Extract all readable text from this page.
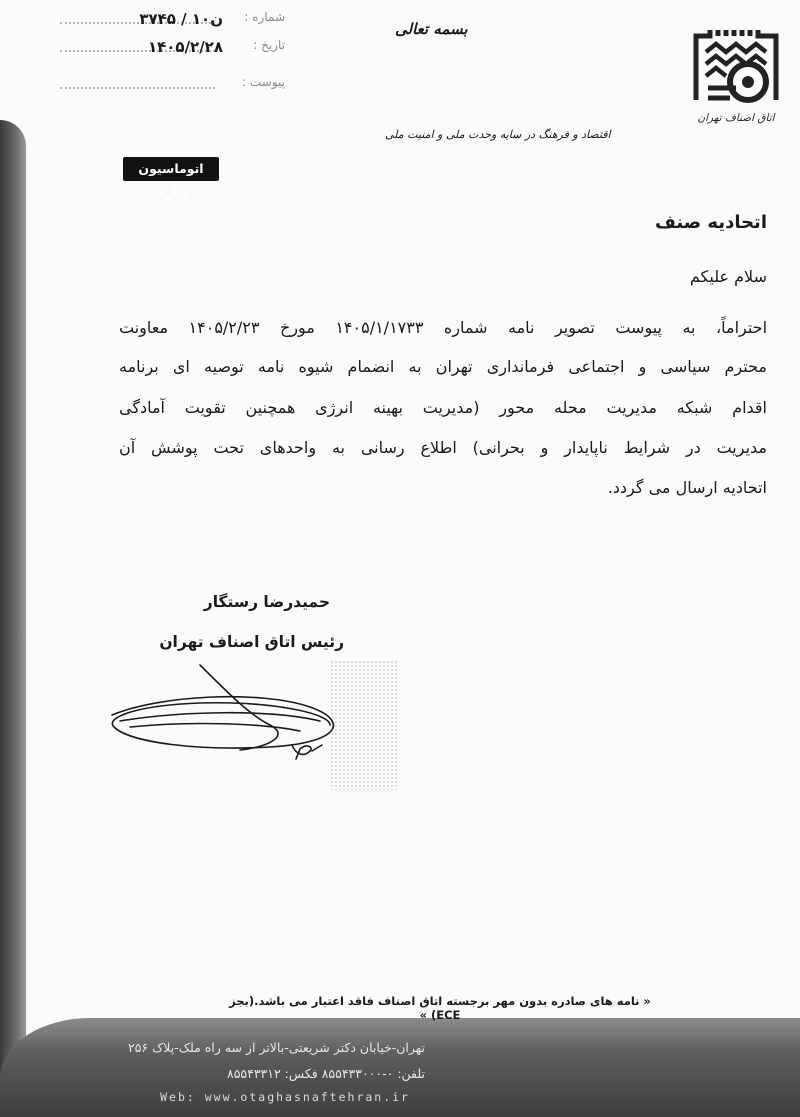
شماره :
۳۷۴۵ / ۱۰ن
تاریخ :
۱۴۰۵/۲/۲۸
پیوست :
بسمه تعالی
اقتصاد و فرهنگ در سایه وحدت ملی و امنیت ملی
اتاق اصناف تهران
اتوماسیون اداری
اتحادیه صنف
سلام علیکم
احتراماً، به پیوست تصویر نامه شماره ۱۴۰۵/۱/۱۷۳۳ مورخ ۱۴۰۵/۲/۲۳ معاونت
محترم سیاسی و اجتماعی فرمانداری تهران به انضمام شیوه نامه توصیه ای برنامه
اقدام شبکه مدیریت محله محور (مدیریت بهینه انرژی همچنین تقویت آمادگی
مدیریت در شرایط ناپایدار و بحرانی) اطلاع رسانی به واحدهای تحت پوشش آن
اتحادیه ارسال می گردد.
حمیدرضا رستگار
رئیس اتاق اصناف تهران
« نامه های صادره بدون مهر برجسته اتاق اصناف فاقد اعتبار می باشد.(بجز ECE) »
تهران-خیابان دکتر شریعتی-بالاتر از سه راه ملک-پلاک ۲۵۶
تلفن: ۰-۸۵۵۴۳۳۰۰۰ فکس: ۸۵۵۴۳۳۱۲
Web: www.otaghasnaftehran.ir
